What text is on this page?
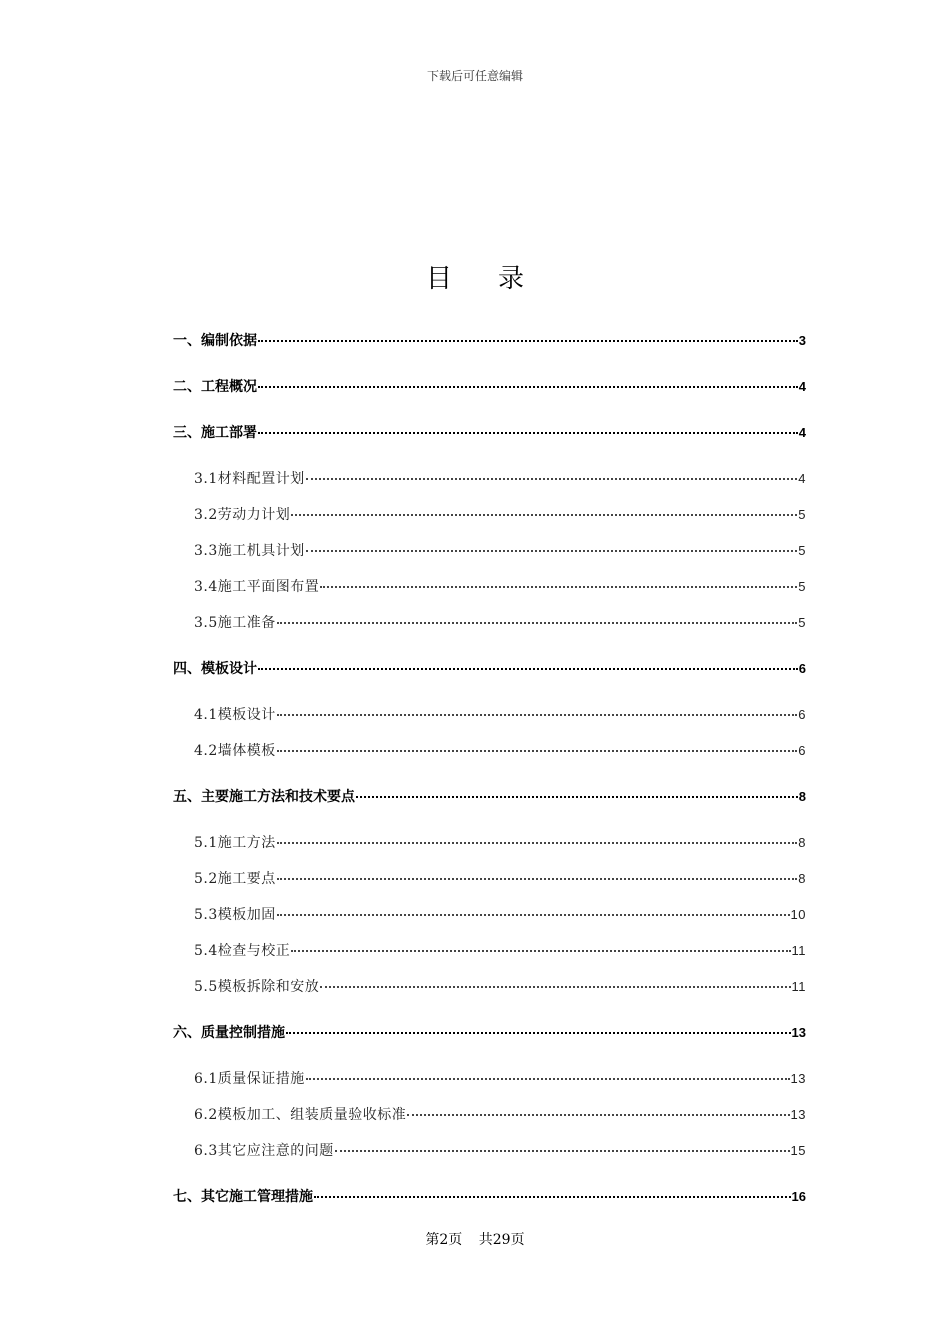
下载后可任意编辑
目录
一、编制依据	3
二、工程概况	4
三、施工部署	4
3.1材料配置计划	4
3.2劳动力计划	5
3.3施工机具计划	5
3.4施工平面图布置	5
3.5施工准备	5
四、模板设计	6
4.1模板设计	6
4.2墙体模板	6
五、主要施工方法和技术要点	8
5.1施工方法	8
5.2施工要点	8
5.3模板加固	10
5.4检查与校正	11
5.5模板拆除和安放	11
六、质量控制措施	13
6.1质量保证措施	13
6.2模板加工、组装质量验收标准	13
6.3其它应注意的问题	15
七、其它施工管理措施	16
第2页 共29页
